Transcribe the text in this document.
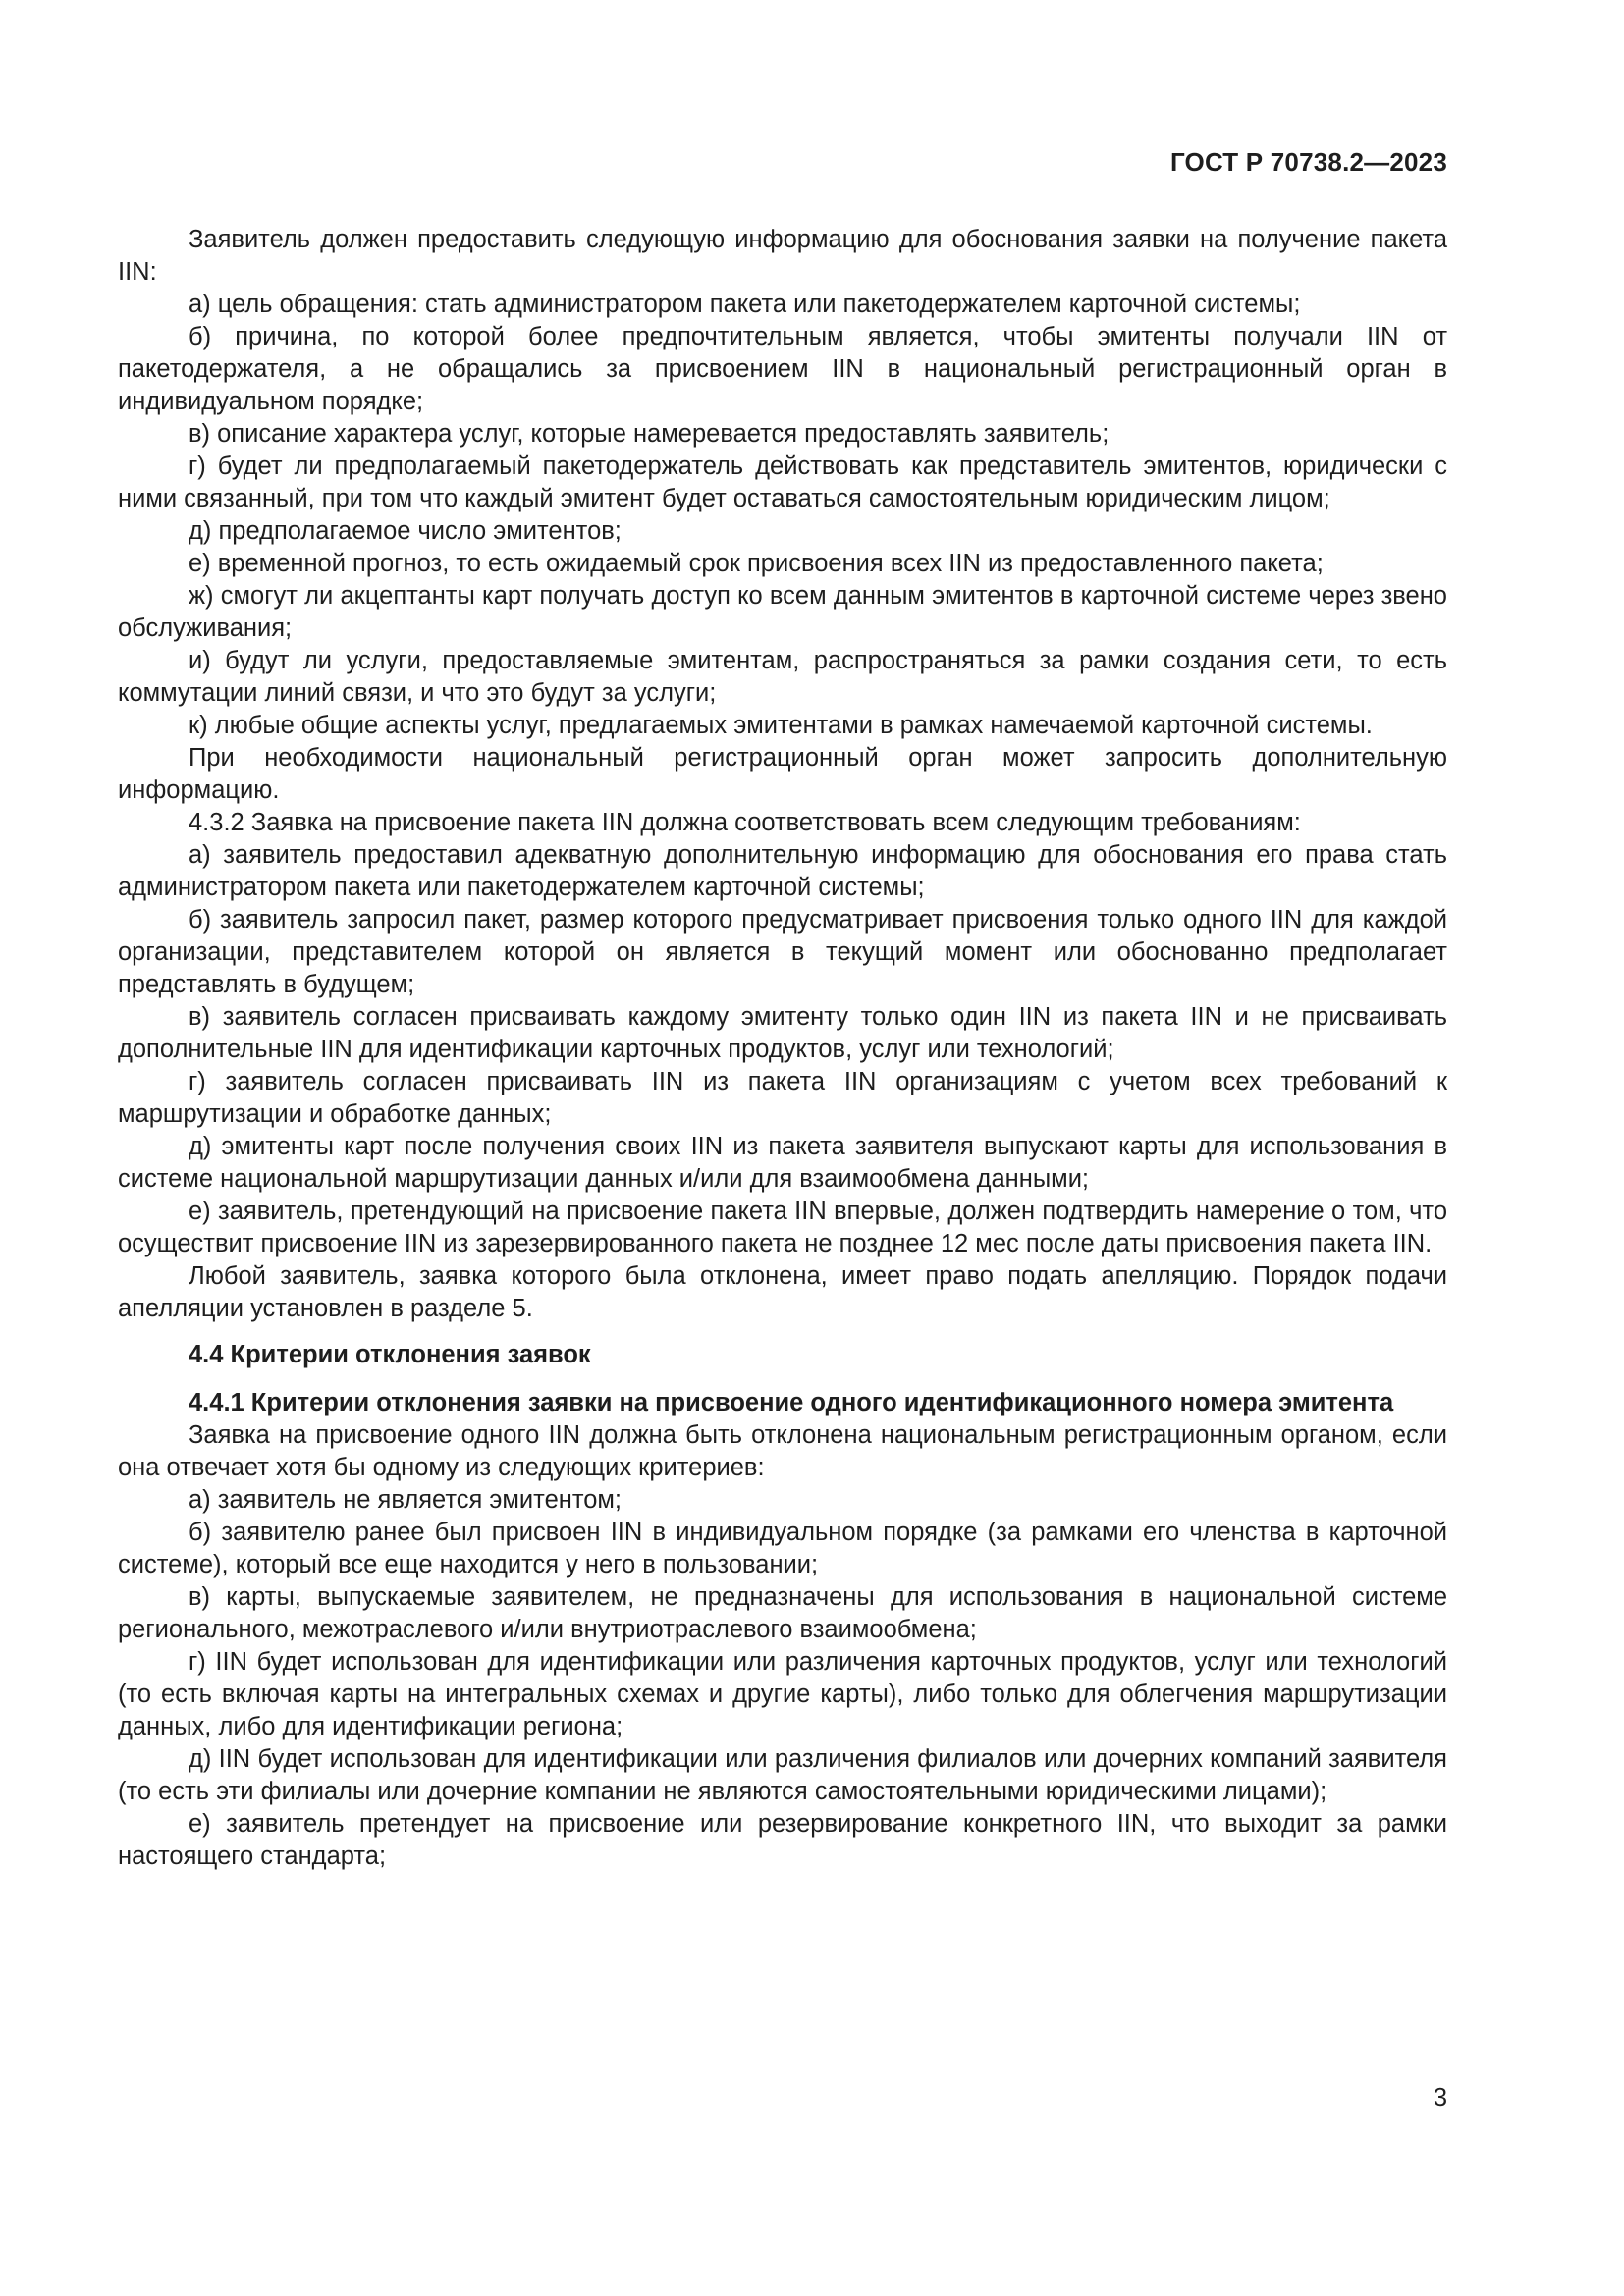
ГОСТ Р 70738.2—2023

Заявитель должен предоставить следующую информацию для обоснования заявки на получение пакета IIN:

а) цель обращения: стать администратором пакета или пакетодержателем карточной системы;

б) причина, по которой более предпочтительным является, чтобы эмитенты получали IIN от пакетодержателя, а не обращались за присвоением IIN в национальный регистрационный орган в индивидуальном порядке;

в) описание характера услуг, которые намеревается предоставлять заявитель;

г) будет ли предполагаемый пакетодержатель действовать как представитель эмитентов, юридически с ними связанный, при том что каждый эмитент будет оставаться самостоятельным юридическим лицом;

д) предполагаемое число эмитентов;

е) временной прогноз, то есть ожидаемый срок присвоения всех IIN из предоставленного пакета;

ж) смогут ли акцептанты карт получать доступ ко всем данным эмитентов в карточной системе через звено обслуживания;

и) будут ли услуги, предоставляемые эмитентам, распространяться за рамки создания сети, то есть коммутации линий связи, и что это будут за услуги;

к) любые общие аспекты услуг, предлагаемых эмитентами в рамках намечаемой карточной системы.

При необходимости национальный регистрационный орган может запросить дополнительную информацию.

4.3.2 Заявка на присвоение пакета IIN должна соответствовать всем следующим требованиям:

а) заявитель предоставил адекватную дополнительную информацию для обоснования его права стать администратором пакета или пакетодержателем карточной системы;

б) заявитель запросил пакет, размер которого предусматривает присвоения только одного IIN для каждой организации, представителем которой он является в текущий момент или обоснованно предполагает представлять в будущем;

в) заявитель согласен присваивать каждому эмитенту только один IIN из пакета IIN и не присваивать дополнительные IIN для идентификации карточных продуктов, услуг или технологий;

г) заявитель согласен присваивать IIN из пакета IIN организациям с учетом всех требований к маршрутизации и обработке данных;

д) эмитенты карт после получения своих IIN из пакета заявителя выпускают карты для использования в системе национальной маршрутизации данных и/или для взаимообмена данными;

е) заявитель, претендующий на присвоение пакета IIN впервые, должен подтвердить намерение о том, что осуществит присвоение IIN из зарезервированного пакета не позднее 12 мес после даты присвоения пакета IIN.

Любой заявитель, заявка которого была отклонена, имеет право подать апелляцию. Порядок подачи апелляции установлен в разделе 5.

4.4 Критерии отклонения заявок
4.4.1 Критерии отклонения заявки на присвоение одного идентификационного номера эмитента

Заявка на присвоение одного IIN должна быть отклонена национальным регистрационным органом, если она отвечает хотя бы одному из следующих критериев:

а) заявитель не является эмитентом;

б) заявителю ранее был присвоен IIN в индивидуальном порядке (за рамками его членства в карточной системе), который все еще находится у него в пользовании;

в) карты, выпускаемые заявителем, не предназначены для использования в национальной системе регионального, межотраслевого и/или внутриотраслевого взаимообмена;

г) IIN будет использован для идентификации или различения карточных продуктов, услуг или технологий (то есть включая карты на интегральных схемах и другие карты), либо только для облегчения маршрутизации данных, либо для идентификации региона;

д) IIN будет использован для идентификации или различения филиалов или дочерних компаний заявителя (то есть эти филиалы или дочерние компании не являются самостоятельными юридическими лицами);

е) заявитель претендует на присвоение или резервирование конкретного IIN, что выходит за рамки настоящего стандарта;

3
